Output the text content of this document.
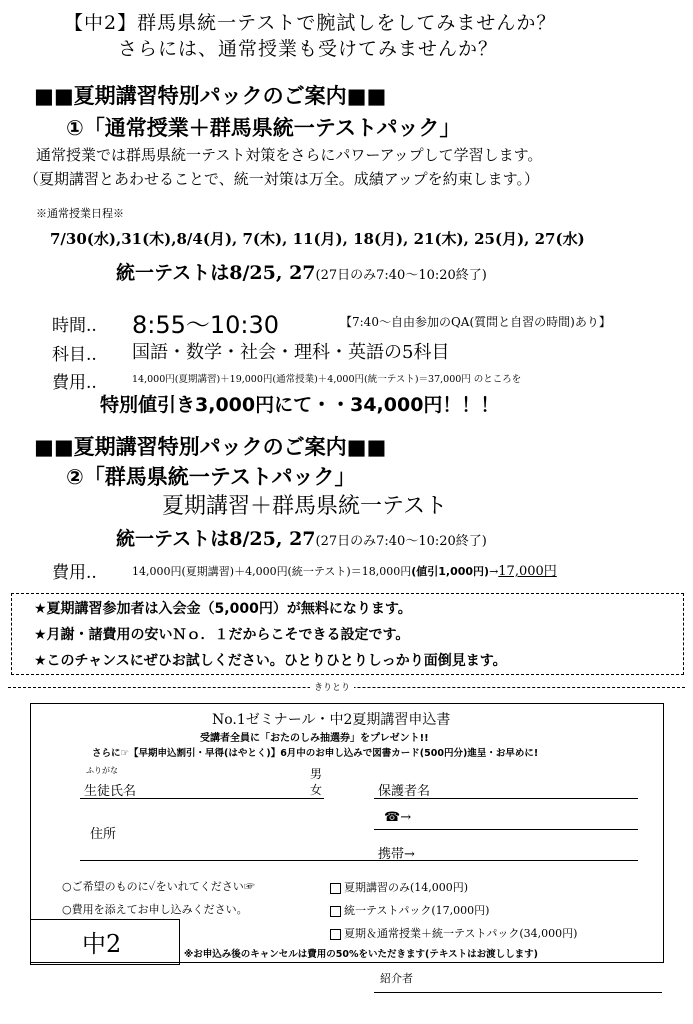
【中2】群馬県統一テストで腕試しをしてみませんか？
さらには、通常授業も受けてみませんか？
■■夏期講習特別パックのご案内■■
①「通常授業＋群馬県統一テストパック」
通常授業では群馬県統一テスト対策をさらにパワーアップして学習します。
（夏期講習とあわせることで、統一対策は万全。成績アップを約束します。）
※通常授業日程※
7/30(水),31(木),8/4(月), 7(木), 11(月), 18(月), 21(木), 25(月), 27(水)
統一テストは8/25, 27(27日のみ7:40〜10:20終了)
時間.. 8:55〜10:30	【7:40〜自由参加のQA(質問と自習の時間)あり】
科目.. 国語・数学・社会・理科・英語の5科目
費用..	14,000円(夏期講習)＋19,000円(通常授業)＋4,000円(統一テスト)＝37,000円 のところを
特別値引き3,000円にて・・34,000円！！！
■■夏期講習特別パックのご案内■■
②「群馬県統一テストパック」
夏期講習＋群馬県統一テスト
統一テストは8/25, 27(27日のみ7:40〜10:20終了)
費用..	14,000円(夏期講習)＋4,000円(統一テスト)＝18,000円(値引1,000円)→17,000円
★夏期講習参加者は入会金（5,000円）が無料になります。
★月謝・諸費用の安いＮｏ．１だからこそできる設定です。
★このチャンスにぜひお試しください。ひとりひとりしっかり面倒見ます。
きりとり
No.1ゼミナール・中2夏期講習申込書
受講者全員に「おたのしみ抽選券」をプレゼント!!
さらに☞【早期申込割引・早得(はやとく)】6月中のお申し込みで図書カード(500円分)進呈・お早めに!
ふりがな
生徒氏名
男
女	保護者名
住所
☎→
携帯→
○ご希望のものに✓をいれてください☞
○費用を添えてお申し込みください。
夏期講習のみ(14,000円)
統一テストパック(17,000円)
夏期＆通常授業＋統一テストパック(34,000円)
中2	※お申込み後のキャンセルは費用の50%をいただきます(テキストはお渡しします)
紹介者
